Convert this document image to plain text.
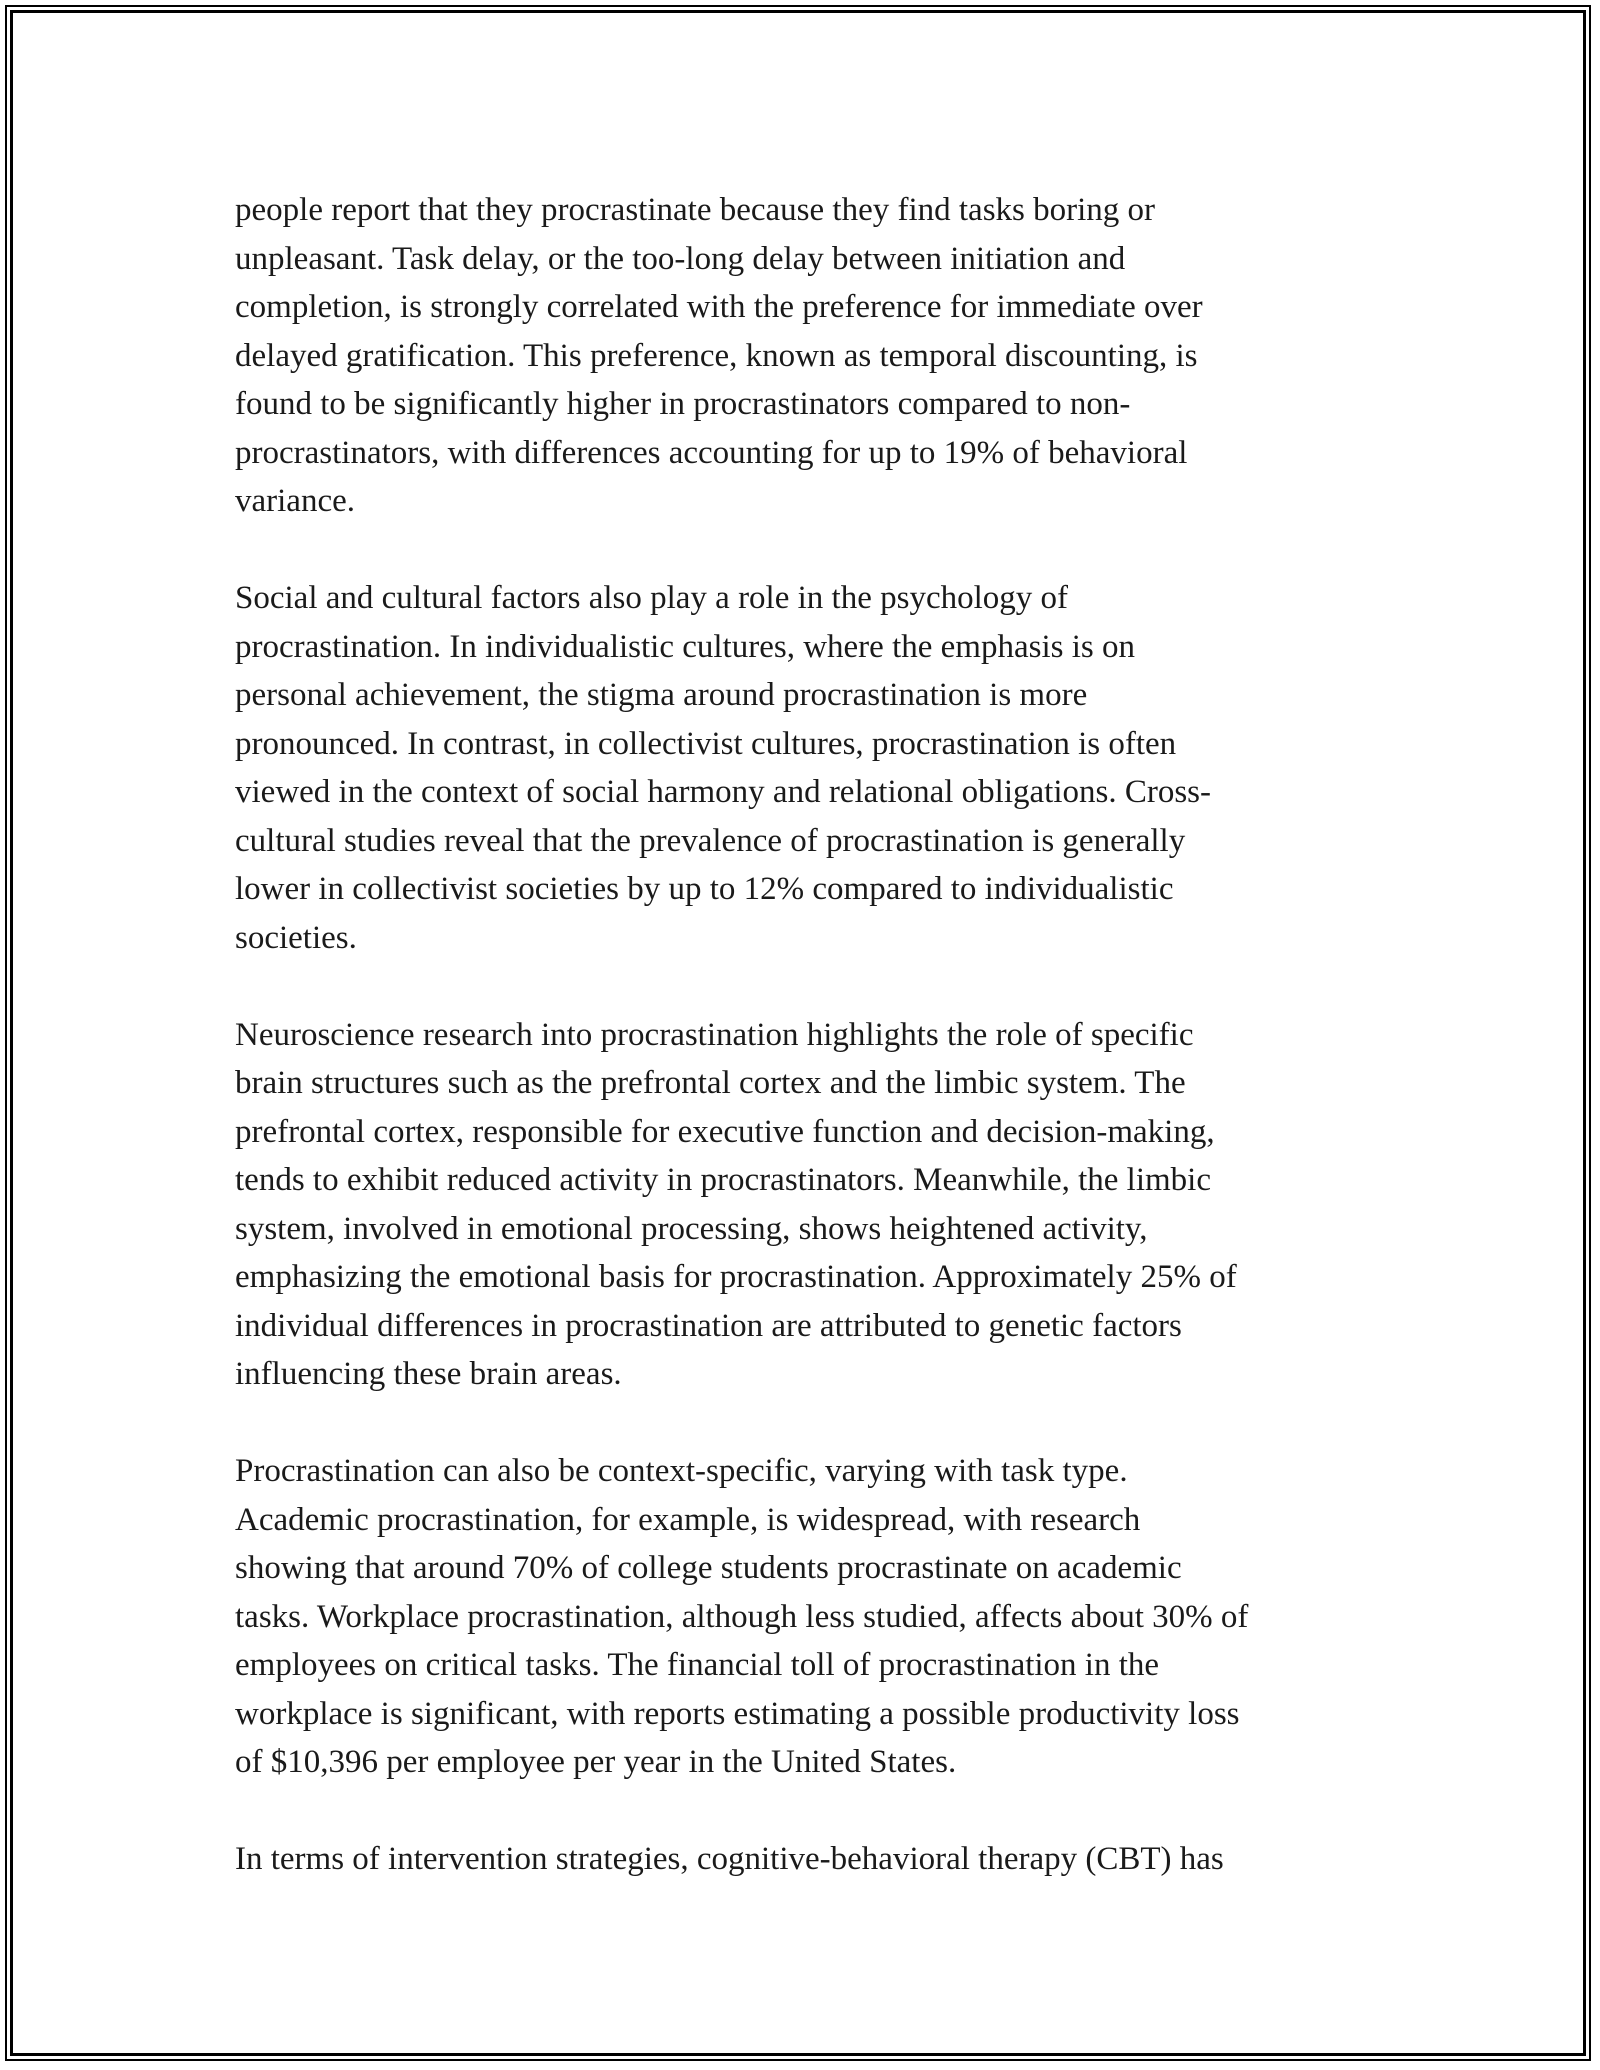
people report that they procrastinate because they find tasks boring or
unpleasant. Task delay, or the too-long delay between initiation and
completion, is strongly correlated with the preference for immediate over
delayed gratification. This preference, known as temporal discounting, is
found to be significantly higher in procrastinators compared to non-
procrastinators, with differences accounting for up to 19% of behavioral
variance.

Social and cultural factors also play a role in the psychology of
procrastination. In individualistic cultures, where the emphasis is on
personal achievement, the stigma around procrastination is more
pronounced. In contrast, in collectivist cultures, procrastination is often
viewed in the context of social harmony and relational obligations. Cross-
cultural studies reveal that the prevalence of procrastination is generally
lower in collectivist societies by up to 12% compared to individualistic
societies.

Neuroscience research into procrastination highlights the role of specific
brain structures such as the prefrontal cortex and the limbic system. The
prefrontal cortex, responsible for executive function and decision-making,
tends to exhibit reduced activity in procrastinators. Meanwhile, the limbic
system, involved in emotional processing, shows heightened activity,
emphasizing the emotional basis for procrastination. Approximately 25% of
individual differences in procrastination are attributed to genetic factors
influencing these brain areas.

Procrastination can also be context-specific, varying with task type.
Academic procrastination, for example, is widespread, with research
showing that around 70% of college students procrastinate on academic
tasks. Workplace procrastination, although less studied, affects about 30% of
employees on critical tasks. The financial toll of procrastination in the
workplace is significant, with reports estimating a possible productivity loss
of $10,396 per employee per year in the United States.

In terms of intervention strategies, cognitive-behavioral therapy (CBT) has
